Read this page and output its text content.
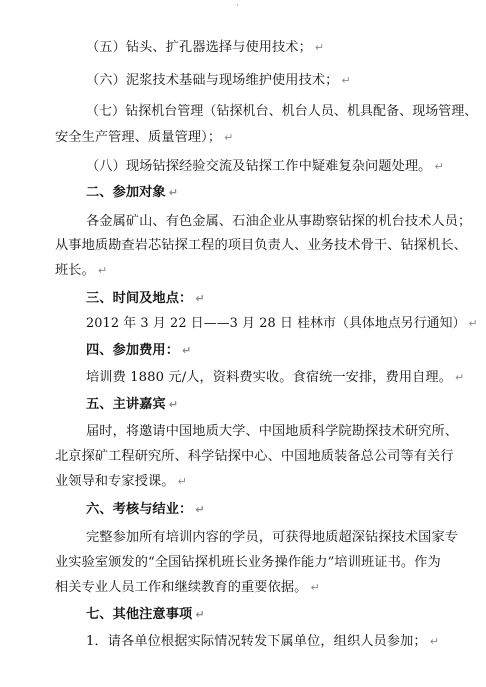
ˈ
（五）钻头、扩孔器选择与使用技术； ↵
（六）泥浆技术基础与现场维护使用技术； ↵
（七）钻探机台管理（钻探机台、机台人员、机具配备、现场管理、
安全生产管理、质量管理）； ↵
（八）现场钻探经验交流及钻探工作中疑难复杂问题处理。 ↵
二、参加对象 ↵
各金属矿山、有色金属、石油企业从事勘察钻探的机台技术人员；
从事地质勘查岩芯钻探工程的项目负责人、业务技术骨干、钻探机长、
班长。 ↵
三、时间及地点： ↵
2012 年 3 月 22 日——3 月 28 日 桂林市（具体地点另行通知） ↵
四、参加费用： ↵
培训费 1880 元/人，资料费实收。食宿统一安排，费用自理。 ↵
五、主讲嘉宾 ↵
届时，将邀请中国地质大学、中国地质科学院勘探技术研究所、
北京探矿工程研究所、科学钻探中心、中国地质装备总公司等有关行
业领导和专家授课。 ↵
六、考核与结业： ↵
完整参加所有培训内容的学员，可获得地质超深钻探技术国家专
业实验室颁发的“全国钻探机班长业务操作能力”培训班证书。作为
相关专业人员工作和继续教育的重要依据。 ↵
七、其他注意事项 ↵
1．请各单位根据实际情况转发下属单位，组织人员参加； ↵
